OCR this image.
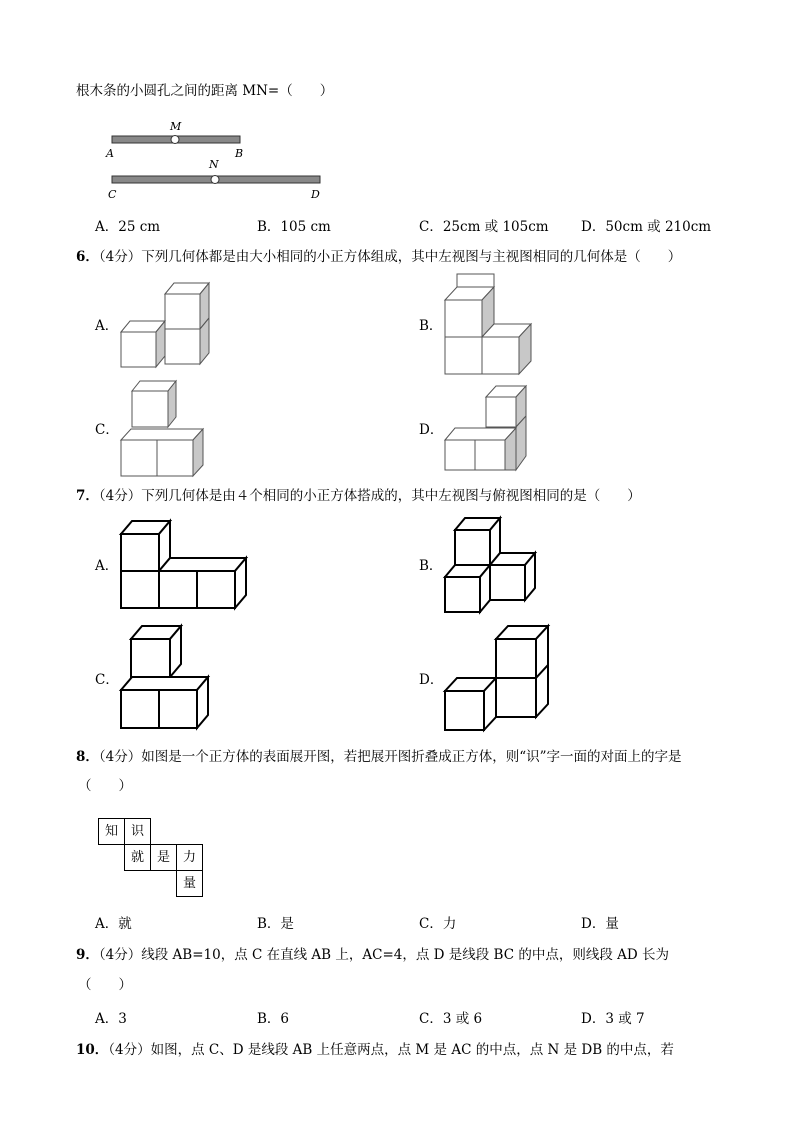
根木条的小圆孔之间的距离 MN=（　　）
M
A	B
N
C	D
A．25 cm	B．105 cm	C．25cm 或 105cm D．50cm 或 210cm
6．（4分）下列几何体都是由大小相同的小正方体组成，其中左视图与主视图相同的几何体是（　　）
A．	B．
C．	D．
7．（4分）下列几何体是由４个相同的小正方体搭成的，其中左视图与俯视图相同的是（　　）
A．	B．
C．	D．
8．（4分）如图是一个正方体的表面展开图，若把展开图折叠成正方体，则“识”字一面的对面上的字是
（　　）
知 识
就 是 力
量
A．就	B．是	C．力	D．量
9．（4分）线段 AB=10，点 C 在直线 AB 上，AC=4，点 D 是线段 BC 的中点，则线段 AD 长为
（　　）
A．3	B．6	C．3 或 6	D．3 或 7
10．（4分）如图，点 C、D 是线段 AB 上任意两点，点 M 是 AC 的中点，点 N 是 DB 的中点，若
